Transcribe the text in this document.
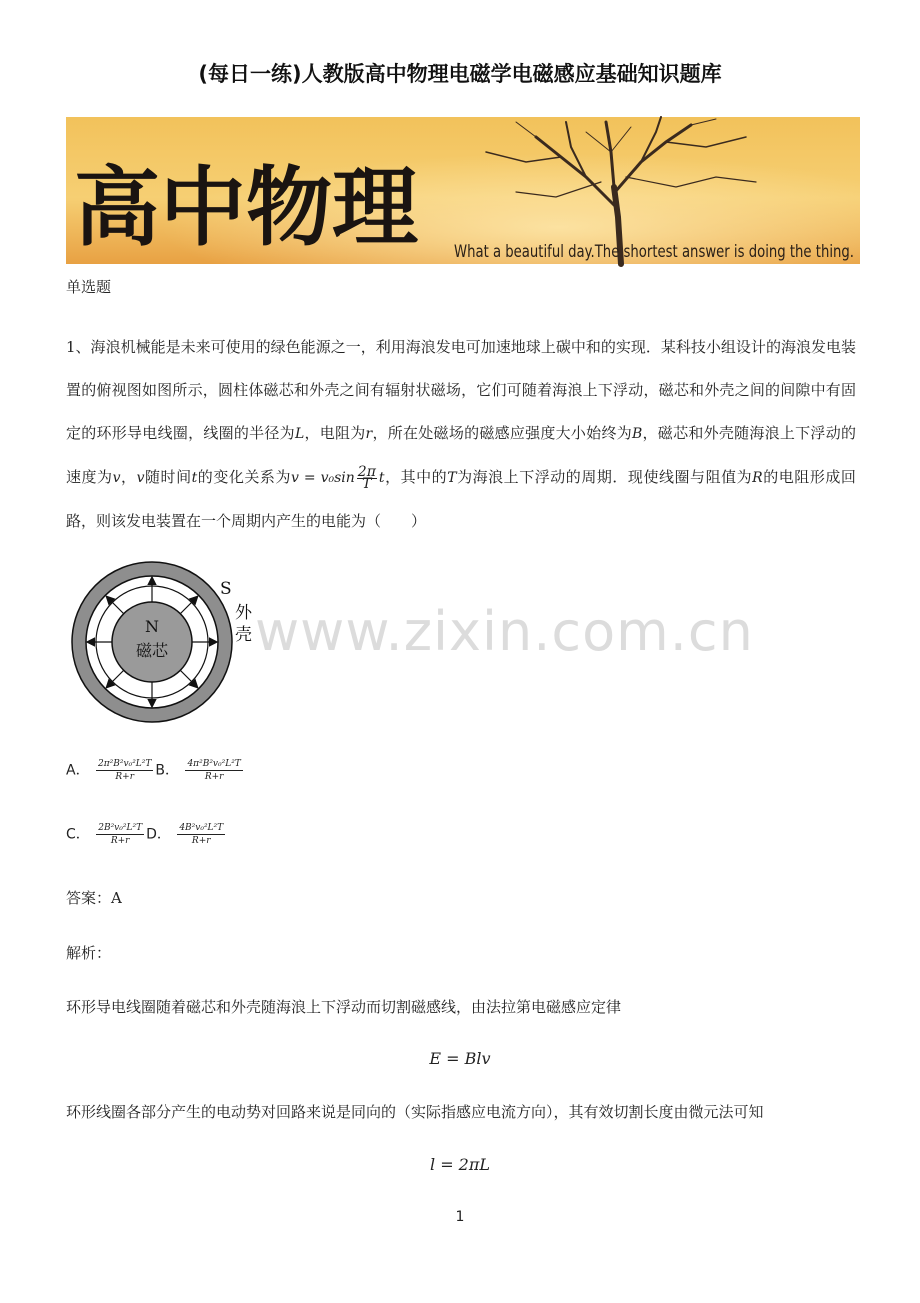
(每日一练)人教版高中物理电磁学电磁感应基础知识题库
高中物理 What a beautiful day.The shortest answer is doing the thing.
单选题
1、海浪机械能是未来可使用的绿色能源之一，利用海浪发电可加速地球上碳中和的实现．某科技小组设计的海浪发电装置的俯视图如图所示，圆柱体磁芯和外壳之间有辐射状磁场，它们可随着海浪上下浮动，磁芯和外壳之间的间隙中有固定的环形导电线圈，线圈的半径为L，电阻为r，所在处磁场的磁感应强度大小始终为B，磁芯和外壳随海浪上下浮动的速度为v，v随时间t的变化关系为$v = v_0\sin \frac{2\pi}{T}$ t，其中的T为海浪上下浮动的周期．现使线圈与阻值为R的电阻形成回路，则该发电装置在一个周期内产生的电能为（　　）
N
磁芯
S
外
壳 www.zixin.com.cn
A． $\frac{\text{2π²B²v₀²L²T}}{R+r}$ B． $\frac{\text{4π²B²v₀²L²T}}{R+r}$
C． $\frac{\text{2B²v₀²L²T}}{R+r}$ D． $\frac{\text{4B²v₀²L²T}}{R+r}$
答案：A
解析：
环形导电线圈随着磁芯和外壳随海浪上下浮动而切割磁感线，由法拉第电磁感应定律
E = Blv
环形线圈各部分产生的电动势对回路来说是同向的（实际指感应电流方向），其有效切割长度由微元法可知
l = 2πL
1
